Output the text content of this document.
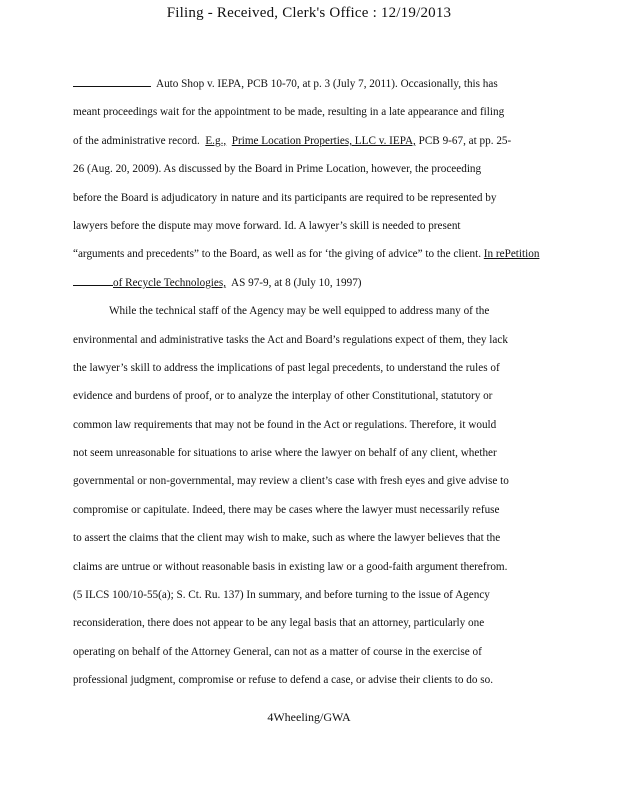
Filing - Received, Clerk's Office : 12/19/2013
Auto Shop v. IEPA, PCB 10-70, at p. 3 (July 7, 2011). Occasionally, this has
meant proceedings wait for the appointment to be made, resulting in a late appearance and filing
of the administrative record. E.g., Prime Location Properties, LLC v. IEPA, PCB 9-67, at pp. 25-
26 (Aug. 20, 2009). As discussed by the Board in Prime Location, however, the proceeding
before the Board is adjudicatory in nature and its participants are required to be represented by
lawyers before the dispute may move forward. Id. A lawyer’s skill is needed to present
“arguments and precedents” to the Board, as well as for ‘the giving of advice” to the client. In rePetition
of Recycle Technologies, AS 97-9, at 8 (July 10, 1997)
While the technical staff of the Agency may be well equipped to address many of the
environmental and administrative tasks the Act and Board’s regulations expect of them, they lack
the lawyer’s skill to address the implications of past legal precedents, to understand the rules of
evidence and burdens of proof, or to analyze the interplay of other Constitutional, statutory or
common law requirements that may not be found in the Act or regulations. Therefore, it would
not seem unreasonable for situations to arise where the lawyer on behalf of any client, whether
governmental or non-governmental, may review a client’s case with fresh eyes and give advise to
compromise or capitulate. Indeed, there may be cases where the lawyer must necessarily refuse
to assert the claims that the client may wish to make, such as where the lawyer believes that the
claims are untrue or without reasonable basis in existing law or a good-faith argument therefrom.
(5 ILCS 100/10-55(a); S. Ct. Ru. 137) In summary, and before turning to the issue of Agency
reconsideration, there does not appear to be any legal basis that an attorney, particularly one
operating on behalf of the Attorney General, can not as a matter of course in the exercise of
professional judgment, compromise or refuse to defend a case, or advise their clients to do so.
4Wheeling/GWA
